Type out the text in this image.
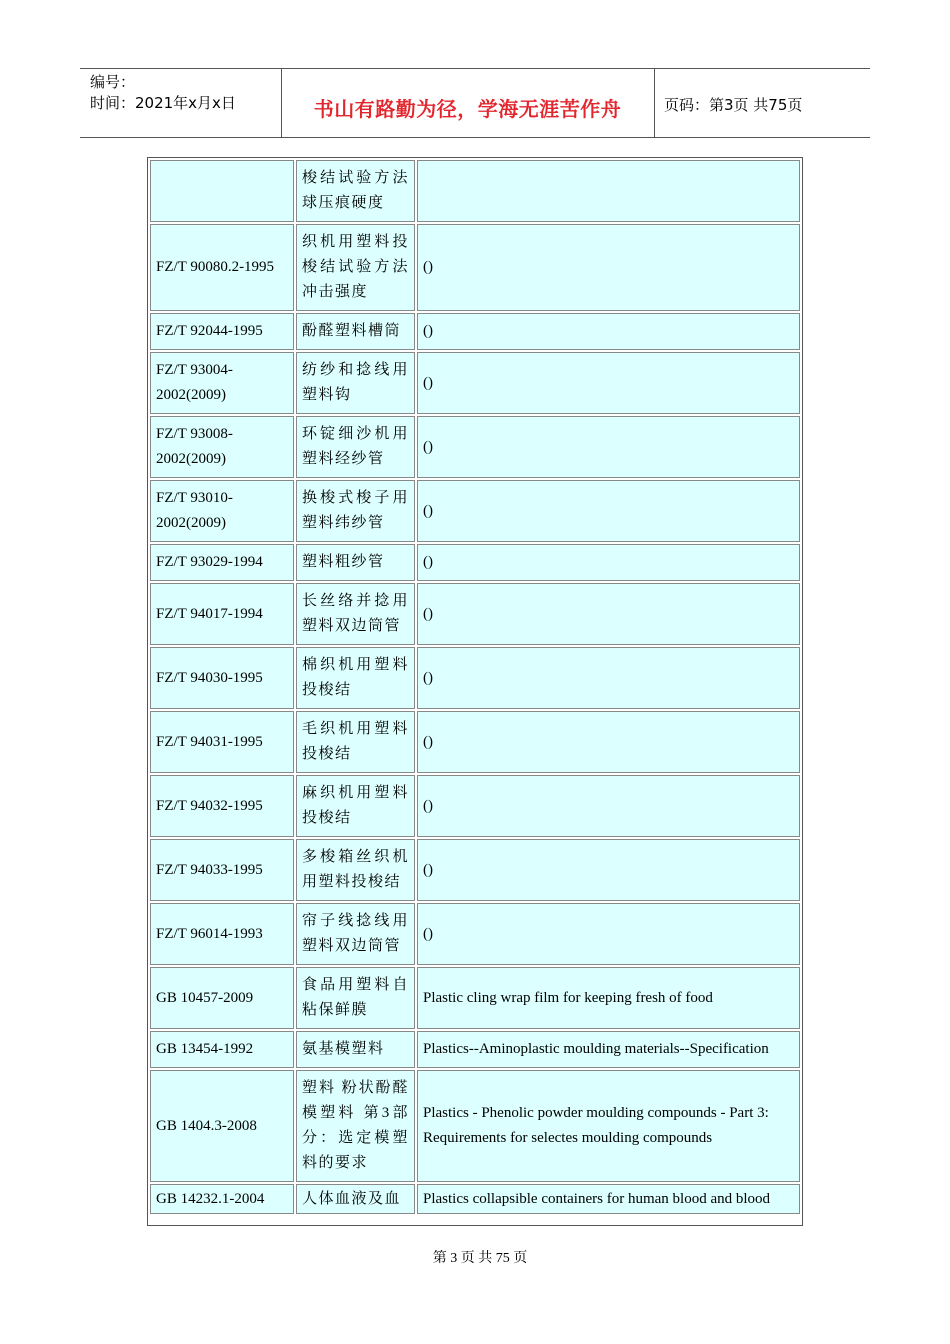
编号：
时间：2021年x月x日	书山有路勤为径，学海无涯苦作舟	页码：第3页 共75页
	梭结试验方法 球压痕硬度	
FZ/T 90080.2-1995	织机用塑料投梭结试验方法 冲击强度	()
FZ/T 92044-1995	酚醛塑料槽筒	()
FZ/T 93004-2002(2009)	纺纱和捻线用塑料钩	()
FZ/T 93008-2002(2009)	环锭细沙机用塑料经纱管	()
FZ/T 93010-2002(2009)	换梭式梭子用塑料纬纱管	()
FZ/T 93029-1994	塑料粗纱管	()
FZ/T 94017-1994	长丝络并捻用塑料双边筒管	()
FZ/T 94030-1995	棉织机用塑料投梭结	()
FZ/T 94031-1995	毛织机用塑料投梭结	()
FZ/T 94032-1995	麻织机用塑料投梭结	()
FZ/T 94033-1995	多梭箱丝织机用塑料投梭结	()
FZ/T 96014-1993	帘子线捻线用塑料双边筒管	()
GB 10457-2009	食品用塑料自粘保鲜膜	Plastic cling wrap film for keeping fresh of food
GB 13454-1992	氨基模塑料	Plastics--Aminoplastic moulding materials--Specification
GB 1404.3-2008	塑料 粉状酚醛模塑料 第3部分：选定模塑料的要求	Plastics - Phenolic powder moulding compounds - Part 3: Requirements for selectes moulding compounds
GB 14232.1-2004	人体血液及血	Plastics collapsible containers for human blood and blood
第 3 页 共 75 页
